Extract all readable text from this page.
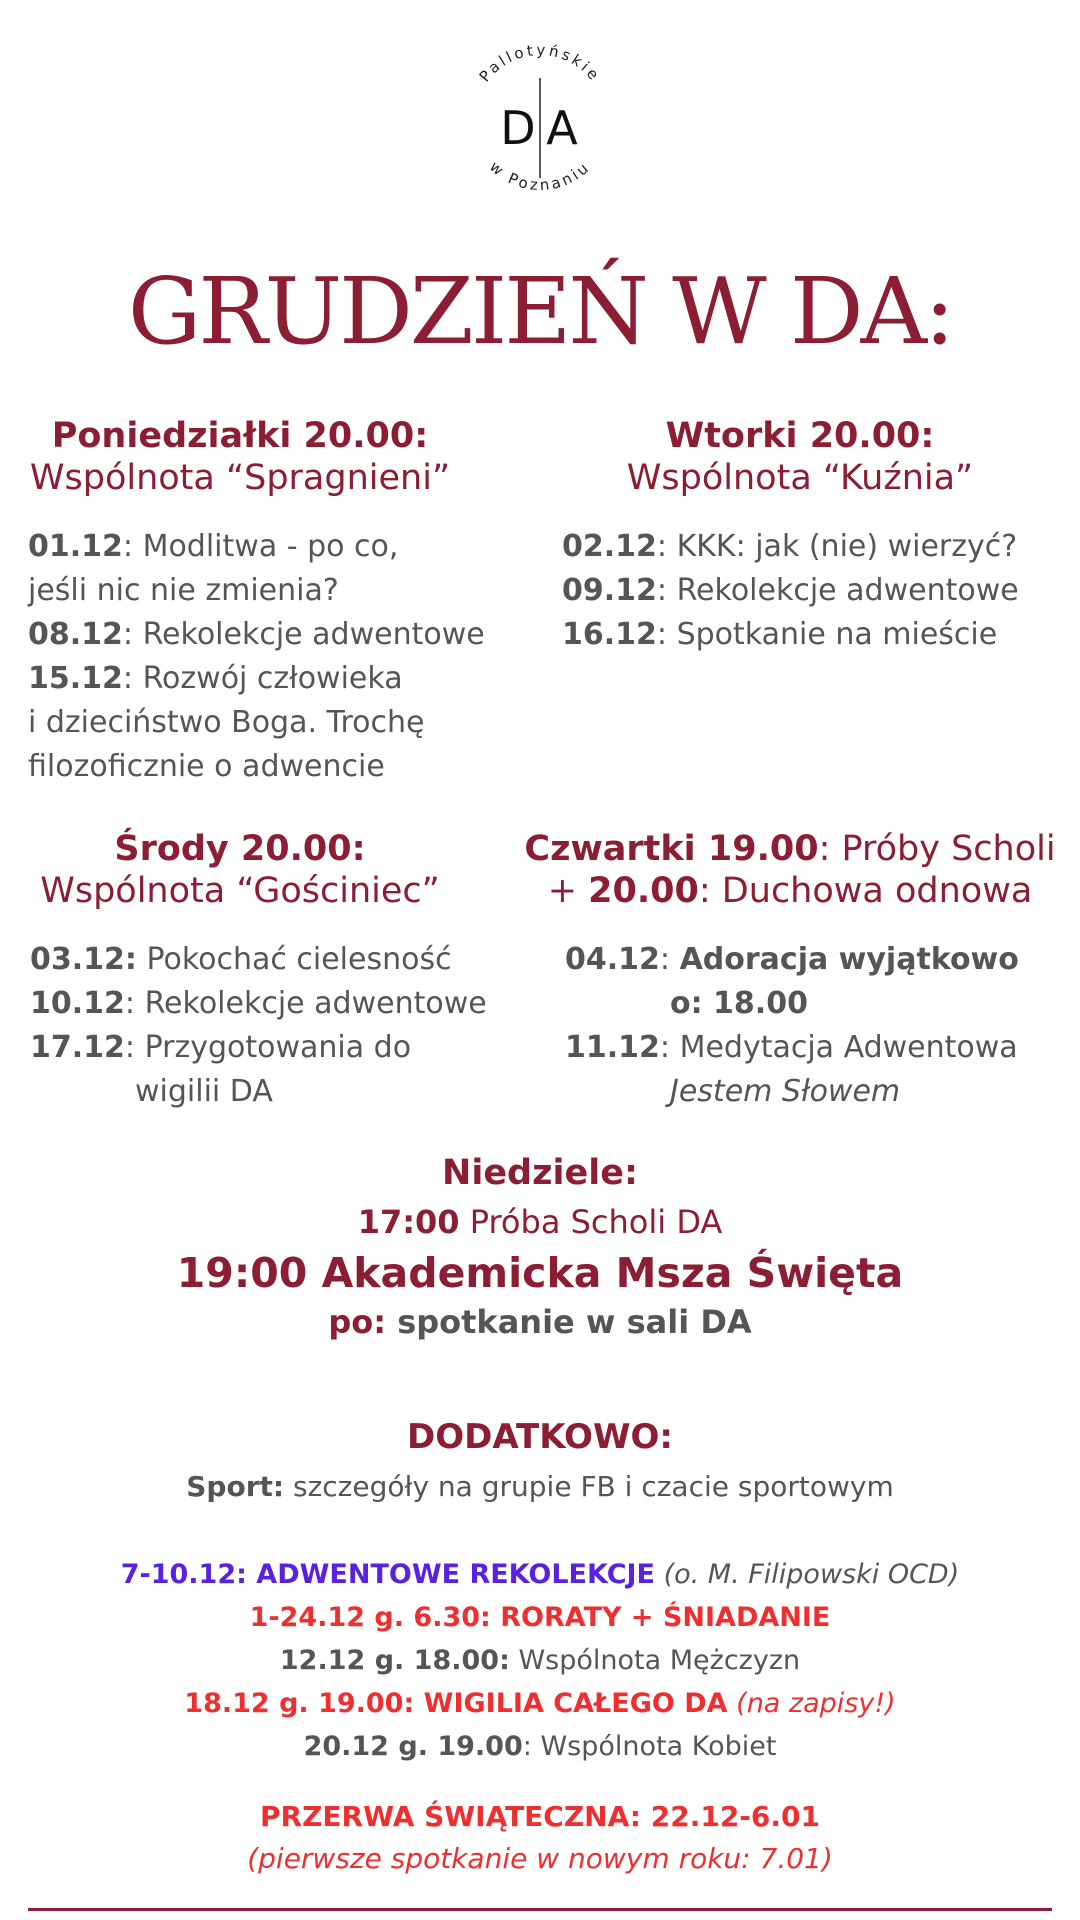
Pallotyńskie
w Poznaniu
D A
GRUDZIEŃ W DA:
Poniedziałki 20.00:
Wspólnota “Spragnieni”
01.12: Modlitwa - po co,
jeśli nic nie zmienia?
08.12: Rekolekcje adwentowe
15.12: Rozwój człowieka
i dzieciństwo Boga. Trochę
filozoficznie o adwencie
Wtorki 20.00:
Wspólnota “Kuźnia”
02.12: KKK: jak (nie) wierzyć?
09.12: Rekolekcje adwentowe
16.12: Spotkanie na mieście
Środy 20.00:
Wspólnota “Gościniec”
03.12:
Pokochać cielesność
10.12 : Rekolekcje adwentowe
17.12: Przygotowania do
wigilii DA
Czwartki 19.00: Próby Scholi
+ 20.00: Duchowa odnowa
04.12: Adoracja wyjątkowo
o: 18.00
11.12: Medytacja Adwentowa
Jestem Słowem
Niedziele:
17:00 Próba Scholi DA
19:00 Akademicka Msza Święta
po: spotkanie w sali DA
DODATKOWO:
Sport: szczegóły na grupie FB i czacie sportowym
7-10.12: ADWENTOWE REKOLEKCJE (o. M. Filipowski OCD)
1-24.12 g. 6.30: RORATY + ŚNIADANIE
12.12 g. 18.00: Wspólnota Mężczyzn
18.12 g. 19.00: WIGILIA CAŁEGO DA (na zapisy!)
20.12 g. 19.00: Wspólnota Kobiet
PRZERWA ŚWIĄTECZNA: 22.12-6.01
(pierwsze spotkanie w nowym roku: 7.01)
